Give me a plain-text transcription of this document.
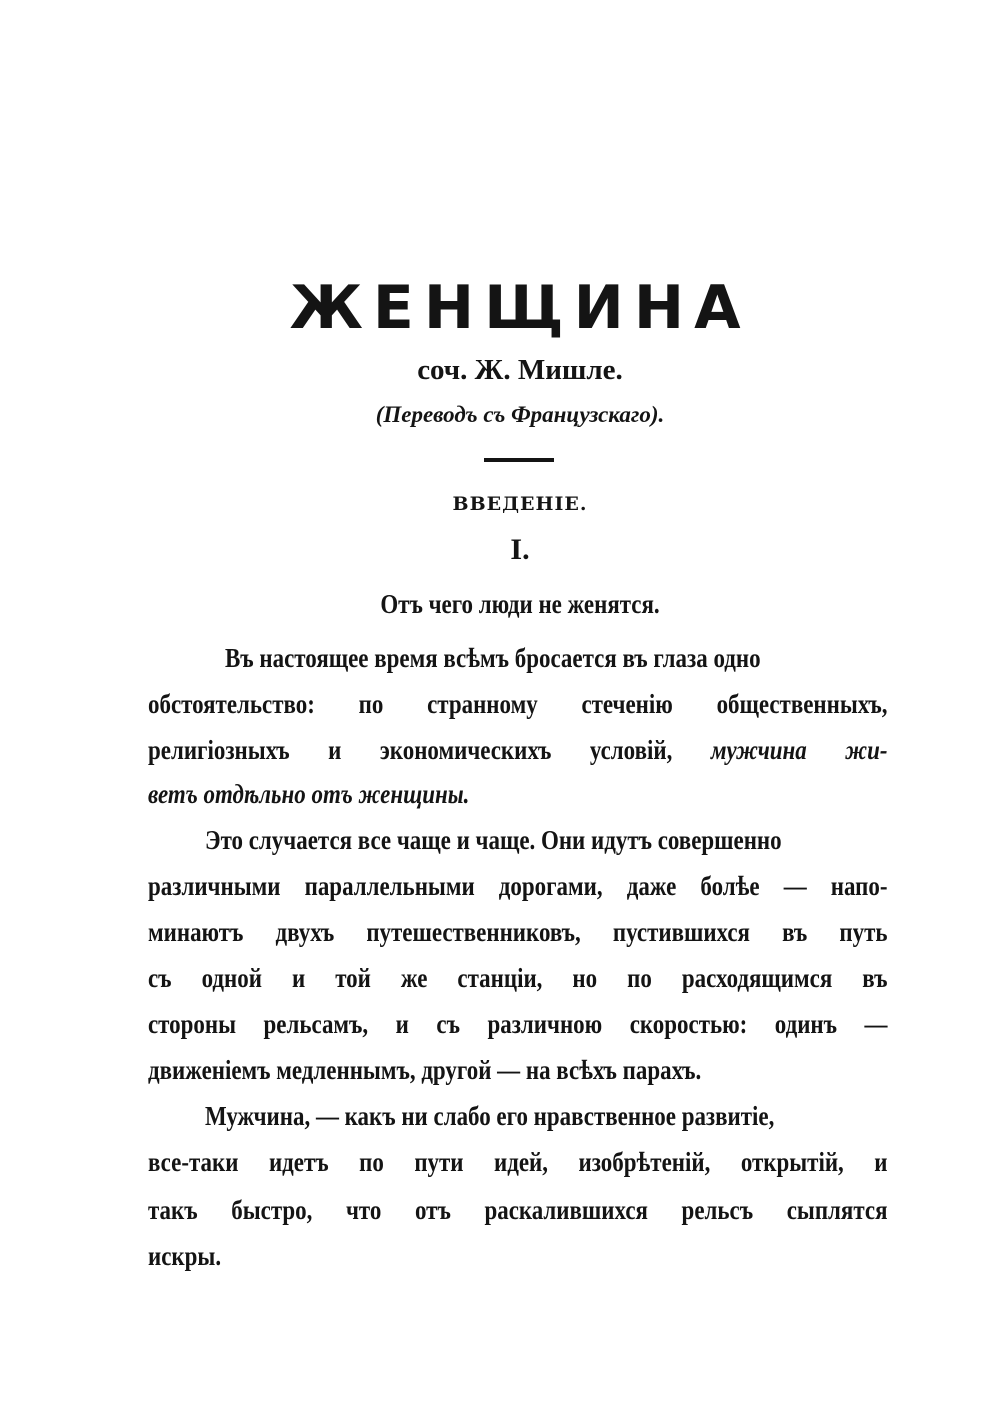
ЖЕНЩИНА
соч. Ж. Мишле.
(Переводъ съ Французскаго).
ВВЕДЕНІЕ.
I.
Отъ чего люди не женятся.
Въ настоящее время всѣмъ бросается въ глаза одно
обстоятельство: по странному стеченію общественныхъ,
религіозныхъ и экономическихъ условій, мужчина жи-
ветъ отдѣльно отъ женщины.
Это случается все чаще и чаще. Они идутъ совершенно
различными параллельными дорогами, даже болѣе — напо-
минаютъ двухъ путешественниковъ, пустившихся въ путь
съ одной и той же станціи, но по расходящимся въ
стороны рельсамъ, и съ различною скоростью: одинъ —
движеніемъ медленнымъ, другой — на всѣхъ парахъ.
Мужчина, — какъ ни слабо его нравственное развитіе,
все-таки идетъ по пути идей, изобрѣтеній, открытій, и
такъ быстро, что отъ раскалившихся рельсъ сыплятся
искры.
